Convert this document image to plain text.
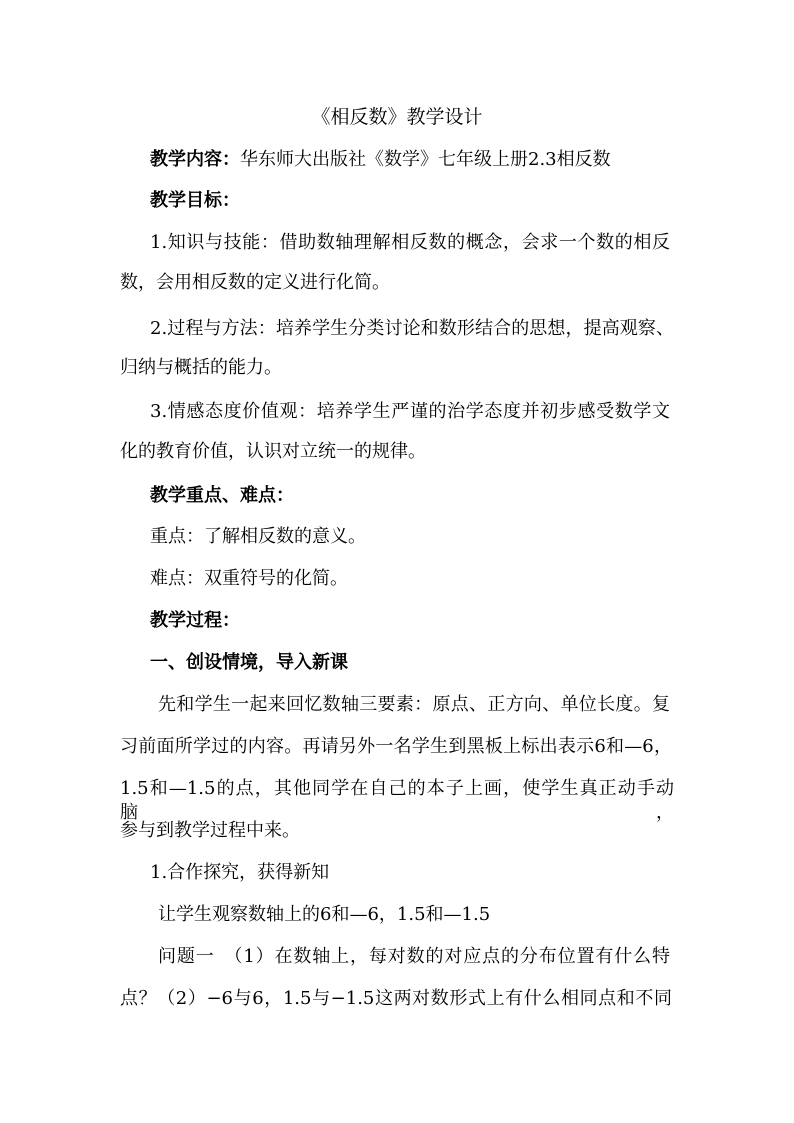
《相反数》教学设计
教学内容：华东师大出版社《数学》七年级上册2.3相反数
教学目标：
1.知识与技能：借助数轴理解相反数的概念，会求一个数的相反
数，会用相反数的定义进行化简。
2.过程与方法：培养学生分类讨论和数形结合的思想，提高观察、
归纳与概括的能力。
3.情感态度价值观：培养学生严谨的治学态度并初步感受数学文
化的教育价值，认识对立统一的规律。
教学重点、难点：
重点：了解相反数的意义。
难点：双重符号的化简。
教学过程：
一、创设情境，导入新课
先和学生一起来回忆数轴三要素：原点、正方向、单位长度。复
习前面所学过的内容。再请另外一名学生到黑板上标出表示6和—6，
1.5和—1.5的点，其他同学在自己的本子上画，使学生真正动手动脑，
参与到教学过程中来。
1.合作探究，获得新知
让学生观察数轴上的6和—6，1.5和—1.5
问题一　（1）在数轴上，每对数的对应点的分布位置有什么特
点？（2）−6与6，1.5与−1.5这两对数形式上有什么相同点和不同
